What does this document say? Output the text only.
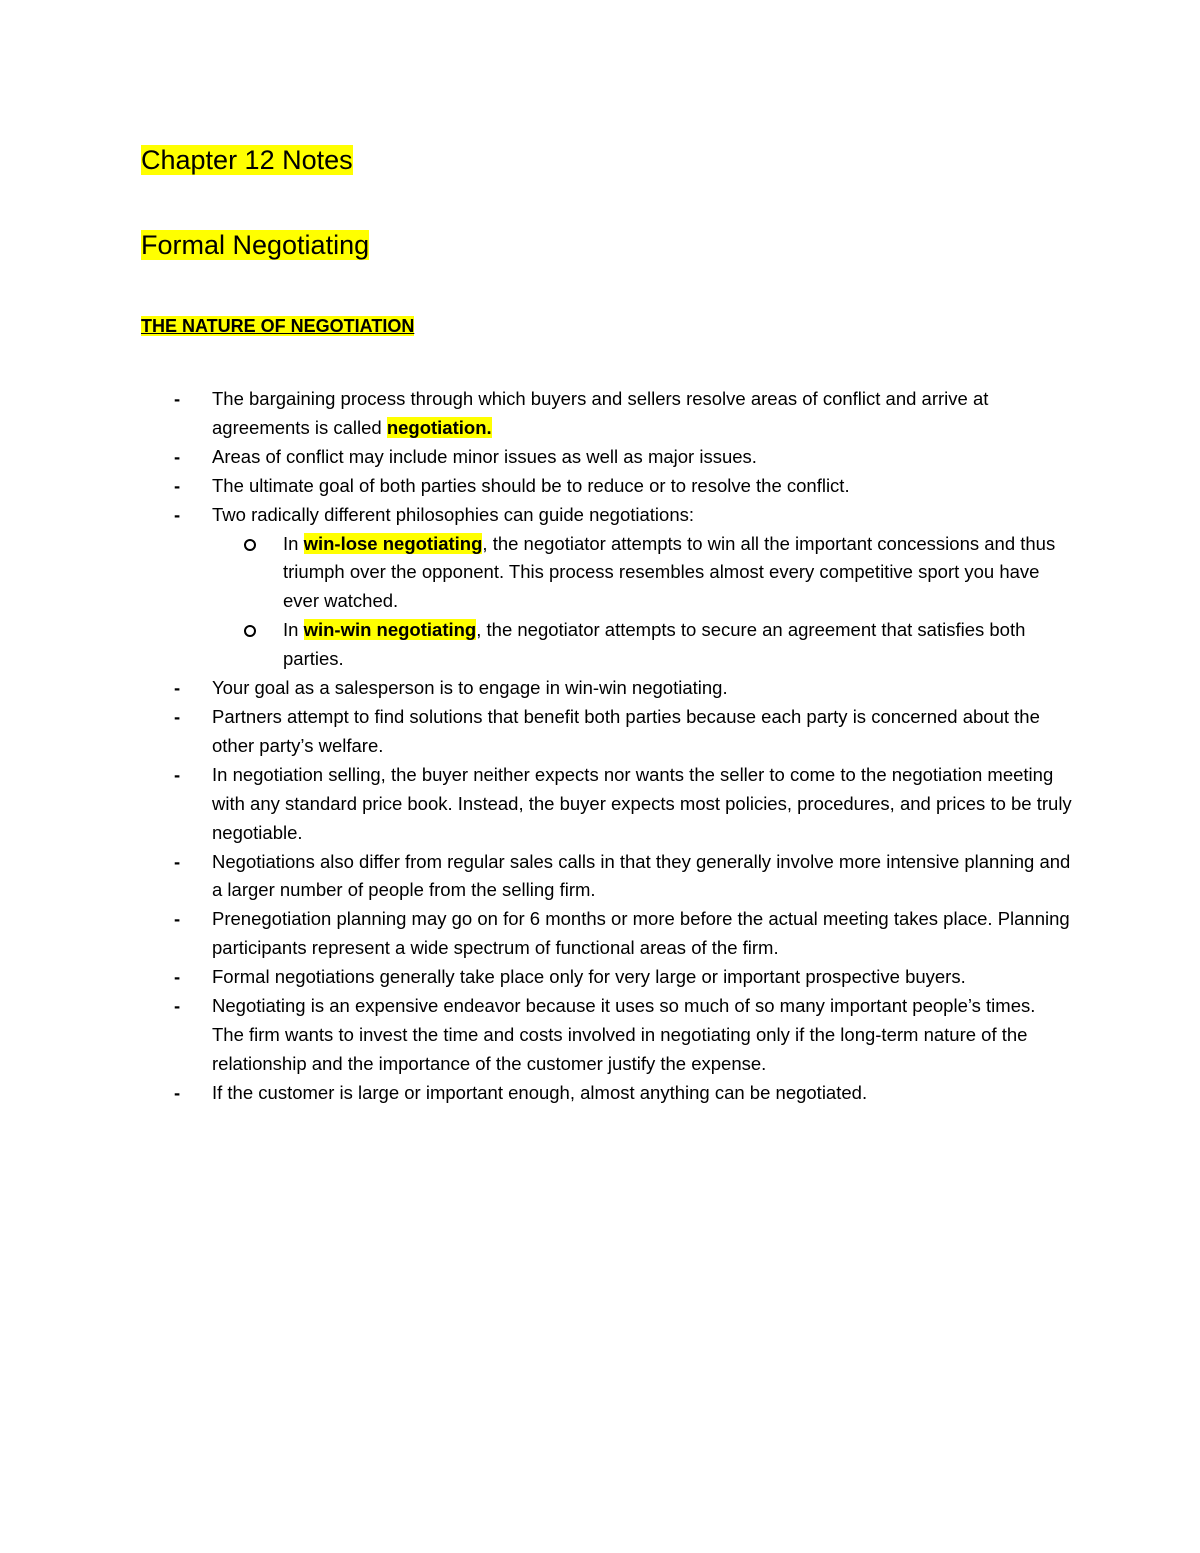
Chapter 12 Notes
Formal Negotiating
THE NATURE OF NEGOTIATION
- The bargaining process through which buyers and sellers resolve areas of conflict and arrive at agreements is called negotiation.
- Areas of conflict may include minor issues as well as major issues.
- The ultimate goal of both parties should be to reduce or to resolve the conflict.
- Two radically different philosophies can guide negotiations:
In win-lose negotiating, the negotiator attempts to win all the important concessions and thus triumph over the opponent. This process resembles almost every competitive sport you have ever watched.
In win-win negotiating, the negotiator attempts to secure an agreement that satisfies both parties.
- Your goal as a salesperson is to engage in win-win negotiating.
- Partners attempt to find solutions that benefit both parties because each party is concerned about the other party’s welfare.
- In negotiation selling, the buyer neither expects nor wants the seller to come to the negotiation meeting with any standard price book. Instead, the buyer expects most policies, procedures, and prices to be truly negotiable.
- Negotiations also differ from regular sales calls in that they generally involve more intensive planning and a larger number of people from the selling firm.
- Prenegotiation planning may go on for 6 months or more before the actual meeting takes place. Planning participants represent a wide spectrum of functional areas of the firm.
- Formal negotiations generally take place only for very large or important prospective buyers.
- Negotiating is an expensive endeavor because it uses so much of so many important people’s times. The firm wants to invest the time and costs involved in negotiating only if the long-term nature of the relationship and the importance of the customer justify the expense.
- If the customer is large or important enough, almost anything can be negotiated.
